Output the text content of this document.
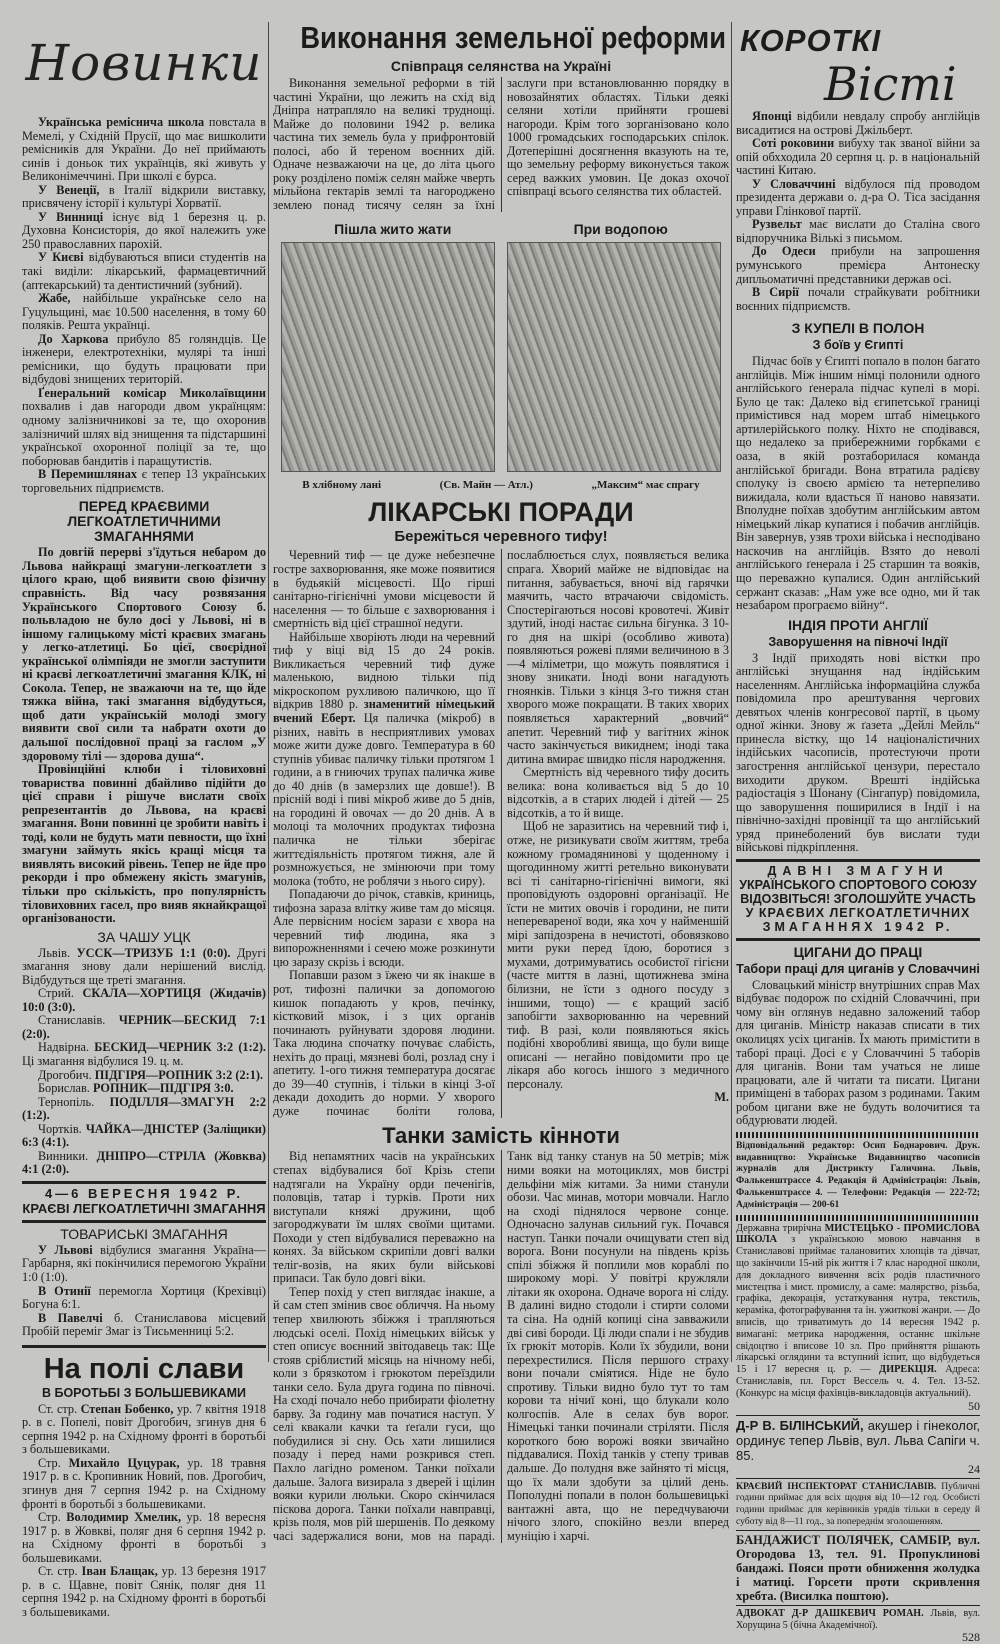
Новинки

Українська реміснича школа повстала в Мемелі, у Східній Прусії, що має вишколити ремісників для України. До неї приймають синів і доньок тих українців, які живуть у Великонімеччині. При школі є бурса.

У Венеції, в Італії відкрили виставку, присвячену історії і культурі Хорватії.

У Винниці існує від 1 березня ц. р. Духовна Консисторія, до якої належить уже 250 православних парохій.

У Києві відбуваються вписи студентів на такі виділи: лікарський, фармацевтичний (аптекарський) та дентистичний (зубний).

Жабе, найбільше українське село на Гуцульщині, має 10.500 населення, в тому 60 поляків. Решта українці.

До Харкова прибуло 85 голяндців. Це інженери, електротехніки, мулярі та інші ремісники, що будуть працювати при відбудові знищених територій.

Ґенеральний комісар Миколаївщини похвалив і дав нагороди двом українцям: одному залізничникові за те, що охоронив залізничий шлях від знищення та підстаршині української охоронної поліції за те, що поборював бандитів і паращутистів.

В Перемишлянах є тепер 13 українських торговельних підприємств.

ПЕРЕД КРАЄВИМИ ЛЕГКОАТЛЕТИЧНИМИ ЗМАГАННЯМИ

По довгій перерві з'їдуться небаром до Львова найкращі змагуни-легкоатлети з цілого краю, щоб виявити свою фізичну справність. Від часу розвязання Українського Спортового Союзу б. польвладою не було досі у Львові, ні в іншому галицькому місті краєвих змагань у легко-атлетиці. Бо цієї, своєрідної української олімпіяди не змогли заступити ні краєві легкоатлетичні змагання КЛК, ні Сокола. Тепер, не зважаючи на те, що йде тяжка війна, такі змагання відбудуться, щоб дати українській молоді змогу виявити свої сили та набрати охоти до дальшої послідовної праці за гаслом „У здоровому тілі — здорова душа“.

Провінційні клюби і тіловиховні товариства повинні дбайливо підійти до цієї справи і рішуче вислати своїх репрезентантів до Львова, на краєві змагання. Вони повинні це зробити навіть і тоді, коли не будуть мати певности, що їхні змагуни займуть якісь кращі місця та виявлять високий рівень. Тепер не йде про рекорди і про обмежену якість змагунів, тільки про скількість, про популярність тіловиховних гасел, про вияв якнайкращої організованости.

ЗА ЧАШУ УЦК

Львів. УССК—ТРИЗУБ 1:1 (0:0). Другі змагання знову дали нерішений вислід. Відбудуться ще треті змагання.

Стрий. СКАЛА—ХОРТИЦЯ (Жидачів) 10:0 (3:0).

Станиславів. ЧЕРНИК—БЕСКИД 7:1 (2:0).

Надвірна. БЕСКИД—ЧЕРНИК 3:2 (1:2). Ці змагання відбулися 19. ц. м.

Дрогобич. ПІДГІРЯ—РОПНИК 3:2 (2:1).

Борислав. РОПНИК—ПІДГІРЯ 3:0.

Тернопіль. ПОДІЛЛЯ—ЗМАГУН 2:2 (1:2).

Чортків. ЧАЙКА—ДНІСТЕР (Заліщики) 6:3 (4:1).

Винники. ДНІПРО—СТРІЛА (Жовква) 4:1 (2:0).

4—6 ВЕРЕСНЯ 1942 Р.
КРАЄВІ ЛЕГКОАТЛЕТИЧНІ ЗМАГАННЯ
ТОВАРИСЬКІ ЗМАГАННЯ

У Львові відбулися змагання Україна—Гарбарня, які покінчилися перемогою України 1:0 (1:0).

В Отинії перемогла Хортиця (Крехівці) Богуна 6:1.

В Павелчі б. Станиславова місцевий Пробій переміг Змаг із Тисьменниці 5:2.

На полі слави
В БОРОТЬБІ З БОЛЬШЕВИКАМИ

Ст. стр. Степан Бобенко, ур. 7 квітня 1918 р. в с. Попелі, повіт Дрогобич, згинув дня 6 серпня 1942 р. на Східному фронті в боротьбі з большевиками.

Стр. Михайло Цуцурак, ур. 18 травня 1917 р. в с. Кропивник Новий, пов. Дрогобич, згинув дня 7 серпня 1942 р. на Східному фронті в боротьбі з большевиками.

Стр. Володимир Хмелик, ур. 18 вересня 1917 р. в Жовкві, поляг дня 6 серпня 1942 р. на Східному фронті в боротьбі з большевиками.

Ст. стр. Іван Блащак, ур. 13 березня 1917 р. в с. Щавне, повіт Сянік, поляг дня 11 серпня 1942 р. на Східному фронті в боротьбі з большевиками.

Виконання земельної реформи
Співпраця селянства на Україні

Виконання земельної реформи в тій частині України, що лежить на схід від Дніпра натрапляло на великі труднощі. Майже до половини 1942 р. велика частина тих земель була у прифронтовій полосі, або й тереном воєнних дій. Одначе незважаючи на це, до літа цього року розділено поміж селян майже чверть мільйона гектарів землі та нагороджено землею понад тисячу селян за їхні заслуги при встановлюванню порядку в новозайнятих областях. Тільки деякі селяни хотіли прийняти грошеві нагороди. Крім того зорганізовано коло 1000 громадських господарських спілок. Дотеперішні досягнення вказують на те, що земельну реформу виконується також серед важких умовин. Це доказ охочої співпраці всього селянства тих областей.

Пішла жито жати	При водопою
В хлібному лані	(Св. Майн — Атл.)	„Максим“ має спрагу
ЛІКАРСЬКІ ПОРАДИ
Бережіться черевного тифу!

Черевний тиф — це дуже небезпечне гостре захворювання, яке може появитися в будьякій місцевості. Що гірші санітарно-гігієнічні умови місцевости й населення — то більше є захворювання і смертність від цієї страшної недуги.

Найбільше хворіють люди на черевний тиф у віці від 15 до 24 років. Викликається черевний тиф дуже маленькою, видною тільки під мікроскопом рухливою паличкою, що її відкрив 1880 р. знаменитий німецький вчений Еберт. Ця паличка (мікроб) в різних, навіть в несприятливих умовах може жити дуже довго. Температура в 60 ступнів убиває паличку тільки протягом 1 години, а в гниючих трупах паличка живе до 40 днів (в замерзлих ще довше!). В прісній воді і пиві мікроб живе до 5 днів, на городині й овочах — до 20 днів. А в молоці та молочних продуктах тифозна паличка не тільки зберігає життєдіяльність протягом тижня, але й розмножується, не змінюючи при тому молока (тобто, не роблячи з нього сиру).

Попадаючи до річок, ставків, криниць, тифозна зараза влітку живе там до місяця. Але первісним носієм зарази є хвора на черевний тиф людина, яка з випорожненнями і сечею може розкинути цю заразу скрізь і всюди.

Попавши разом з їжею чи як інакше в рот, тифозні палички за допомогою кишок попадають у кров, печінку, кістковий мізок, і з цих органів починають руйнувати здоровя людини. Така людина спочатку почуває слабість, нехіть до праці, мязневі болі, розлад сну і апетиту. 1-ого тижня температура досягає до 39—40 ступнів, і тільки в кінці 3-ої декади доходить до норми. У хворого дуже починає боліти голова, послаблюється слух, появляється велика спрага. Хворий майже не відповідає на питання, забувається, вночі від гарячки маячить, часто втрачаючи свідомість. Спостерігаються носові кровотечі. Живіт здутий, іноді настає сильна бігунка. З 10-го дня на шкірі (особливо живота) появляються рожеві плями величиною в 3—4 міліметри, що можуть появлятися і знову зникати. Іноді вони нагадують гноянків. Тільки з кінця 3-го тижня стан хворого може покращати. В таких хворих появляється характерний „вовчий“ апетит. Черевний тиф у вагітних жінок часто закінчується викиднем; іноді така дитина вмирає швидко після народження.

Смертність від черевного тифу досить велика: вона коливається від 5 до 10 відсотків, а в старих людей і дітей — 25 відсотків, а то й вище.

Щоб не заразитись на черевний тиф і, отже, не ризикувати своїм життям, треба кожному громадянинові у щоденному і щогодинному житті ретельно виконувати всі ті санітарно-гігієнічні вимоги, які проповідують оздоровні організації. Не їсти не митих овочів і городини, не пити неперевареної води, яка хоч у найменшій мірі запідозрена в нечистоті, обовязково мити руки перед їдою, боротися з мухами, дотримуватись особистої гігієни (часте миття в лазні, щотижнева зміна білизни, не їсти з одного посуду з іншими, тощо) — є кращий засіб запобігти захворюванню на черевний тиф. В разі, коли появляються якісь подібні хворобливі явища, що були вище описані — негайно повідомити про це лікаря або когось іншого з медичного персоналу.

М.
Танки замість кінноти

Від непамятних часів на українських степах відбувалися бої Крізь степи надтягали на Україну орди печенігів, половців, татар і турків. Проти них виступали княжі дружини, щоб загороджувати їм шлях своїми щитами. Походи у степ відбувалися переважно на конях. За військом скрипіли довгі валки теліг-возів, на яких були військові припаси. Так було довгі віки.

Тепер похід у степ виглядає інакше, а й сам степ змінив своє обличчя. На ньому тепер хвилюють збіжжя і трапляються людські оселі. Похід німецьких військ у степ описує воєнний звітодавець так: Ще стояв сріблистий місяць на нічному небі, коли з брязкотом і грюкотом переїздили танки село. Була друга година по півночі. На сході почало небо прибирати фіолетну барву. За годину мав початися наступ. У селі квакали качки та ґеґали гуси, що побудилися зі сну. Ось хати лишилися позаду і перед нами розкрився степ. Пахло лагідно роменом. Танки поїхали дальше. Залога визирала з дверей і щілин вояки курили люльки. Скоро скінчилася піскова дорога. Танки поїхали навправці, крізь поля, мов рій шершенів. По деякому часі задержалися вони, мов на параді. Танк від танку станув на 50 метрів; між ними вояки на мотоциклях, мов бистрі дельфіни між китами. За ними станули обози. Час минав, мотори мовчали. Нагло на сході піднялося червоне сонце. Одночасно залунав сильний гук. Почався наступ. Танки почали очищувати степ від ворога. Вони посунули на південь крізь спілі збіжжя й поплили мов кораблі по широкому морі. У повітрі кружляли літаки як охорона. Одначе ворога ні сліду. В далині видно стодоли і стирти соломи та сіна. На одній копиці сіна завважили дві сиві бороди. Ці люди спали і не збудив їх грюкіт моторів. Коли їх збудили, вони перехрестилися. Після першого страху вони почали сміятися. Ніде не було спротиву. Тільки видно було тут то там корови та нічиї коні, що блукали коло колгоспів. Але в селах був ворог. Німецькі танки починали стріляти. Після короткого бою ворожі вояки звичайно піддавалися. Похід танків у степу тривав дальше. До полудня вже зайнято ті місця, що їх мали здобути за цілий день. Пополудні попали в полон большевицькі вантажні авта, що не передчуваючи нічого злого, спокійно везли вперед муніцію і харчі.

КОРОТКІ
Вісті

Японці відбили невдалу спробу англійців висадитися на острові Джільберт.

Соті роковини вибуху так званої війни за опій обхходила 20 серпня ц. р. в національній частині Китаю.

У Словаччині відбулося під проводом президента держави о. д-ра О. Тіса засідання управи Глінкової партії.

Рузвельт має вислати до Сталіна свого відпоручника Вількі з письмом.

До Одеси прибули на запрошення румунського премієра Антонеску дипльоматичні представники держав осі.

В Сирії почали страйкувати робітники воєнних підприємств.

З КУПЕЛІ В ПОЛОН
З боїв у Єгипті

Підчас боїв у Єгипті попало в полон багато англійців. Між іншим німці полонили одного англійського ґенерала підчас купелі в морі. Було це так: Далеко від єгипетської границі примістився над морем штаб німецького артилерійського полку. Ніхто не сподівався, що недалеко за прибережними горбками є оаза, в якій розтаборилася команда англійської бригади. Вона втратила радієву сполуку із своєю армією та нетерпеливо вижидала, коли вдасться її наново навязати. Вполудне поїхав здобутим англійським автом німецький лікар купатися і побачив англійців. Він завернув, узяв трохи війська і несподівано наскочив на англійців. Взято до неволі англійського ґенерала і 25 старшин та вояків, що переважно купалися. Один англійський сержант сказав: „Нам уже все одно, ми й так незабаром програємо війну“.

ІНДІЯ ПРОТИ АНГЛІЇ
Заворушення на півночі Індії

З Індії приходять нові вістки про англійські знущання над індійським населенням. Англійська інформаційна служба повідомила про арештування чергових девятьох членів конгресової партії, в цьому одної жінки. Знову ж ґазета „Дейлі Мейль“ принесла вістку, що 14 націоналістичних індійських часописів, протестуючи проти загострення англійської цензури, перестало виходити друком. Врешті індійська радіостація з Шонану (Сінгапур) повідомила, що заворушення поширилися в Індії і на північно-західні провінції та що англійський уряд принеболений був вислати туди військові підкріплення.

ДАВНІ ЗМАГУНИ
УКРАЇНСЬКОГО СПОРТОВОГО СОЮЗУ
ВІДОЗВІТЬСЯ! ЗГОЛОШУЙТЕ УЧАСТЬ
У КРАЄВИХ ЛЕГКОАТЛЕТИЧНИХ
ЗМАГАННЯХ 1942 Р.
ЦИГАНИ ДО ПРАЦІ
Табори праці для циганів у Словаччині

Словацький міністр внутрішних справ Мах відбуває подорож по східній Словаччині, при чому він оглянув недавно заложений табор для циганів. Міністр наказав списати в тих околицях усіх циганів. Їх мають примістити в таборі праці. Досі є у Словаччині 5 таборів для циганів. Вони там учаться не лише працювати, але й читати та писати. Цигани приміщені в таборах разом з родинами. Таким робом цигани вже не будуть волочитися та обдурювати людей.

Відповідальний редактор: Осип Боднарович. Друк. видавництво: Українське Видавництво часописів журналів для Дистрикту Галичина. Львів, Фалькенштрассе 4. Редакція й Адміністрація: Львів, Фалькенштрассе 4. — Телефони: Редакція — 222-72; Адміністрація — 200-61

Державна трирічна МИСТЕЦЬКО - ПРОМИСЛОВА ШКОЛА з українською мовою навчання в Станиславові приймає талановитих хлопців та дівчат, що закінчили 15-ий рік життя і 7 клас народної школи, для докладного вивчення всіх родів пластичного мистецтва і мист. промислу, а саме: малярство, різьба, графіка, декорація, устаткування нутра, текстиль, кераміка, фотографування та ін. ужиткові жанри. — До вписів, що триватимуть до 14 вересня 1942 р. вимагані: метрика народження, останнє шкільне свідоцтво і вписове 10 зл. Про прийняття рішають лікарські оглядини та вступний іспит, що відбудеться 15 і 17 вересня ц. р. — ДИРЕКЦІЯ. Адреса: Станиславів, пл. Горст Вессель ч. 4. Тел. 13-52. (Конкурс на місця фахівців-викладовців актуальний).

50

Д-Р В. БІЛІНСЬКИЙ, акушер і гінеколог, ординує тепер Львів, вул. Льва Сапіги ч. 85.

24

КРАЄВИЙ ІНСПЕКТОРАТ СТАНИСЛАВІВ. Публичні години приймає для всіх щодня від 10—12 год. Особисті години приймає для керівників урядів тільки в середу й суботу від 8—11 год., за попереднім зголошенням.

БАНДАЖИСТ ПОЛЯЧЕК, САМБІР, вул. Огородова 13, тел. 91. Пропуклинові бандажі. Пояси проти обниження жолудка і матиці. Горсети проти скривлення хребта. (Висилка поштою).

АДВОКАТ Д-Р ДАШКЕВИЧ РОМАН. Львів, вул. Хорущина 5 (бічна Академічної).

528
